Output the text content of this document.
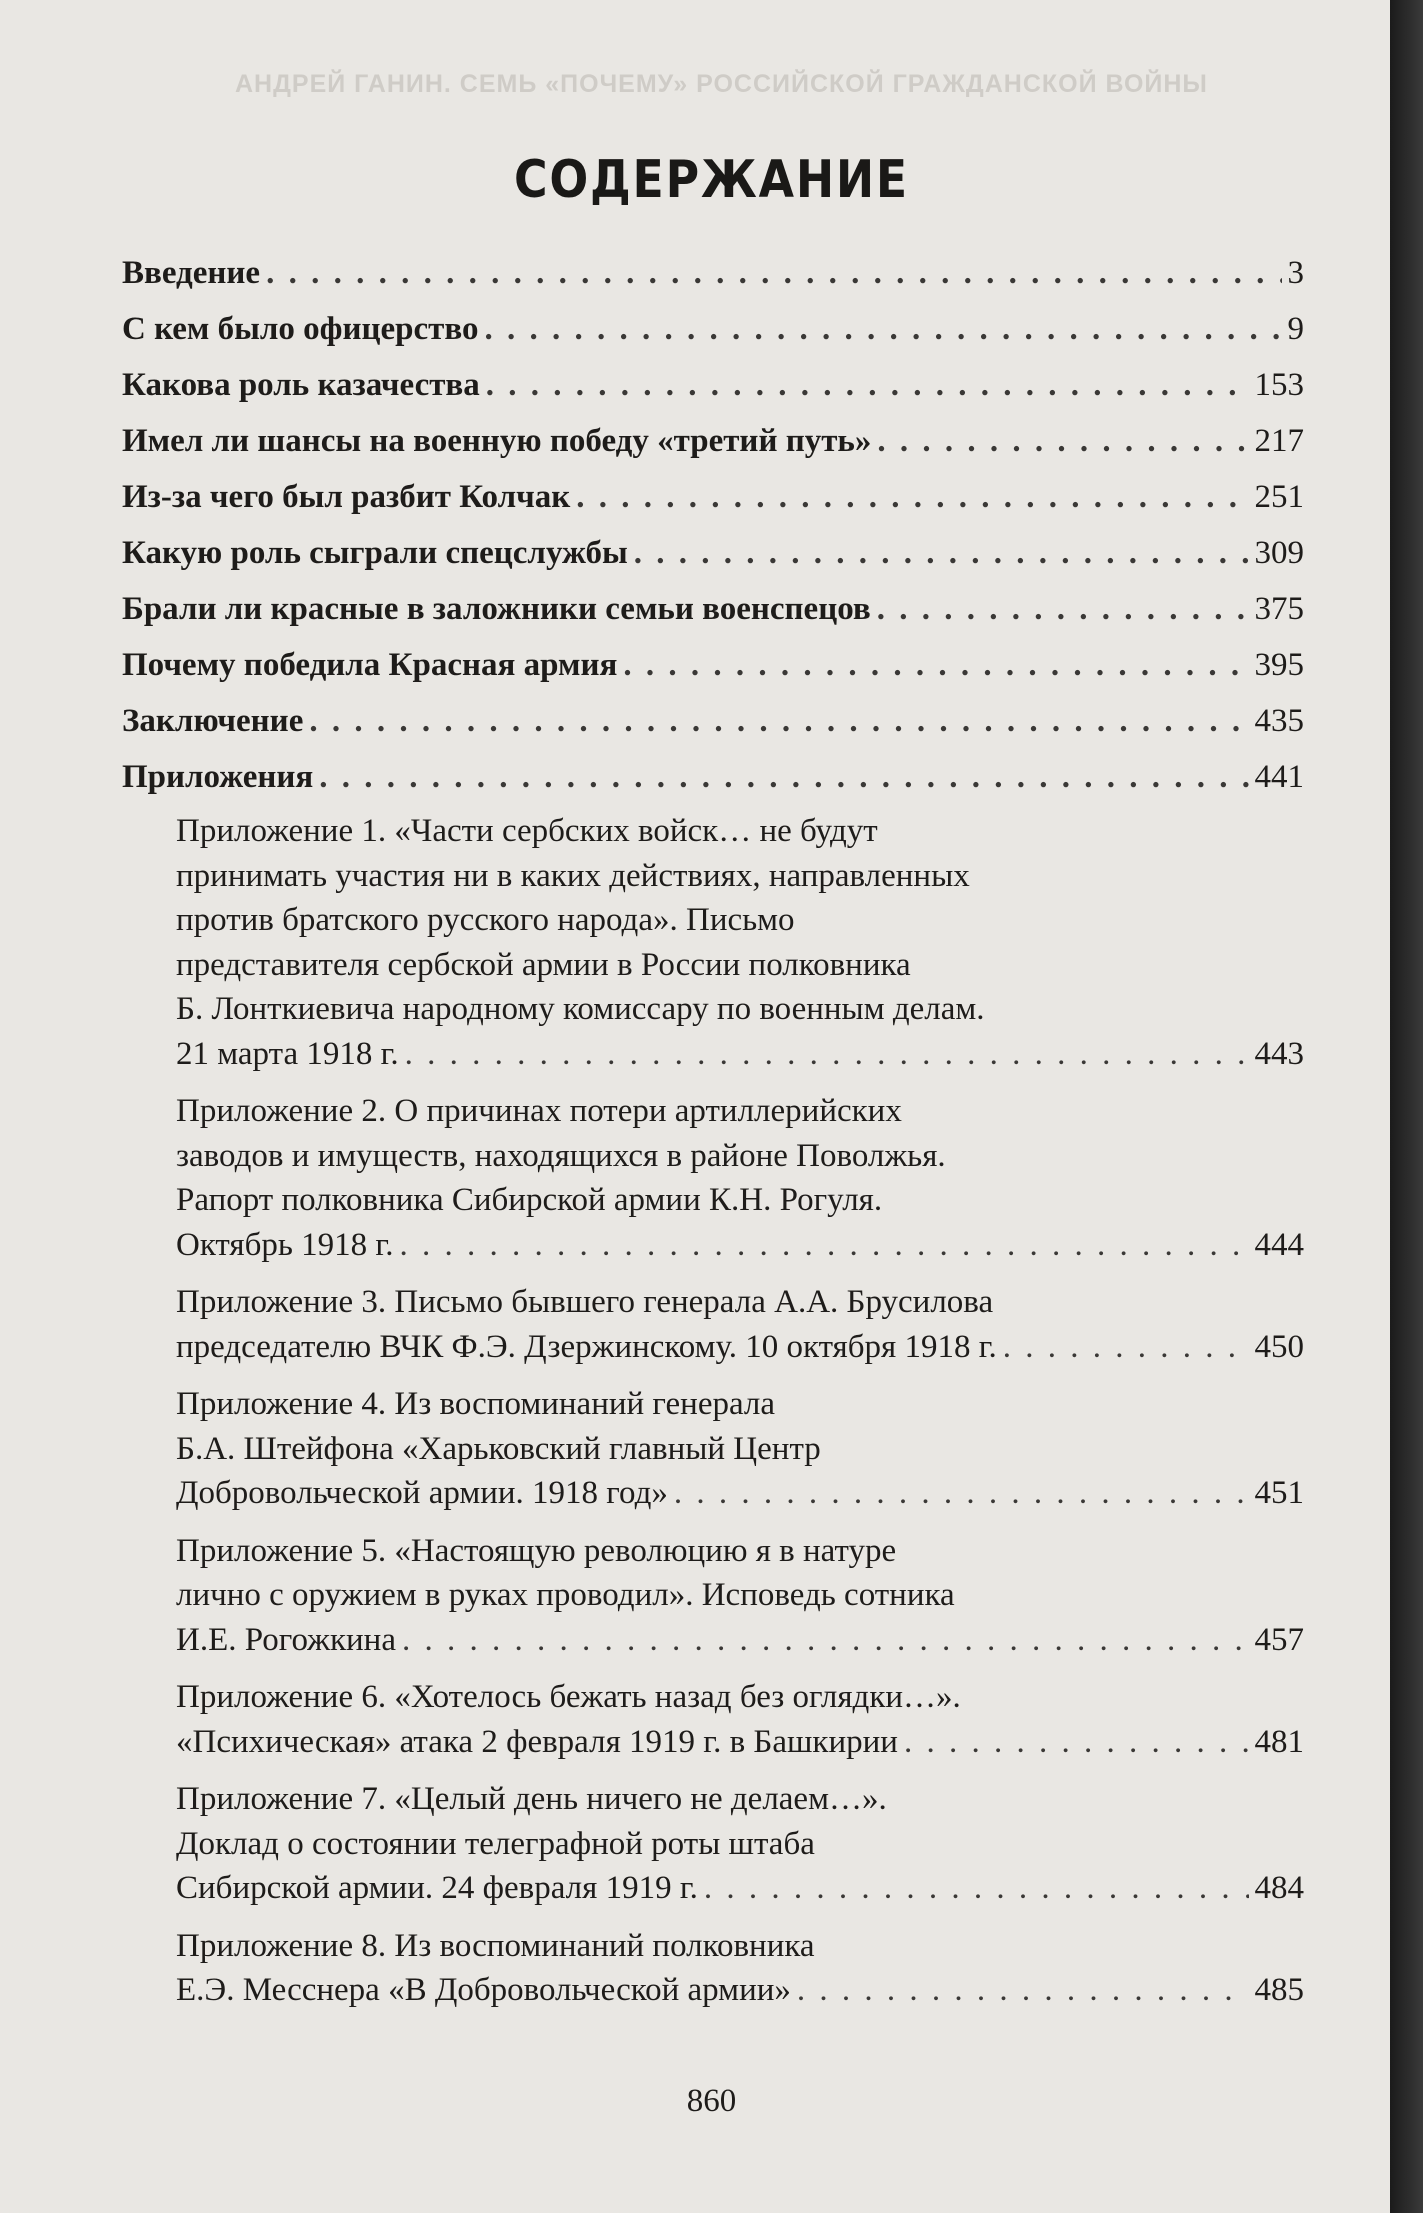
АНДРЕЙ ГАНИН. СЕМЬ «ПОЧЕМУ» РОССИЙСКОЙ ГРАЖДАНСКОЙ ВОЙНЫ
СОДЕРЖАНИЕ
Введение . . .	3
С кем было офицерство . . .	9
Какова роль казачества . . .	153
Имел ли шансы на военную победу «третий путь» . . .	217
Из-за чего был разбит Колчак . . .	251
Какую роль сыграли спецслужбы . . .	309
Брали ли красные в заложники семьи военспецов . . .	375
Почему победила Красная армия . . .	395
Заключение . . .	435
Приложения . . .	441
Приложение 1. «Части сербских войск… не будут
принимать участия ни в каких действиях, направленных
против братского русского народа». Письмо
представителя сербской армии в России полковника
Б. Лонткиевича народному комиссару по военным делам.
21 марта 1918 г. . . .	443
Приложение 2. О причинах потери артиллерийских
заводов и имуществ, находящихся в районе Поволжья.
Рапорт полковника Сибирской армии К.Н. Рогуля.
Октябрь 1918 г. . . .	444
Приложение 3. Письмо бывшего генерала А.А. Брусилова
председателю ВЧК Ф.Э. Дзержинскому. 10 октября 1918 г. . . .	450
Приложение 4. Из воспоминаний генерала
Б.А. Штейфона «Харьковский главный Центр
Добровольческой армии. 1918 год» . . .	451
Приложение 5. «Настоящую революцию я в натуре
лично с оружием в руках проводил». Исповедь сотника
И.Е. Рогожкина . . .	457
Приложение 6. «Хотелось бежать назад без оглядки…».
«Психическая» атака 2 февраля 1919 г. в Башкирии . . .	481
Приложение 7. «Целый день ничего не делаем…».
Доклад о состоянии телеграфной роты штаба
Сибирской армии. 24 февраля 1919 г. . . .	484
Приложение 8. Из воспоминаний полковника
Е.Э. Месснера «В Добровольческой армии» . . .	485
860
